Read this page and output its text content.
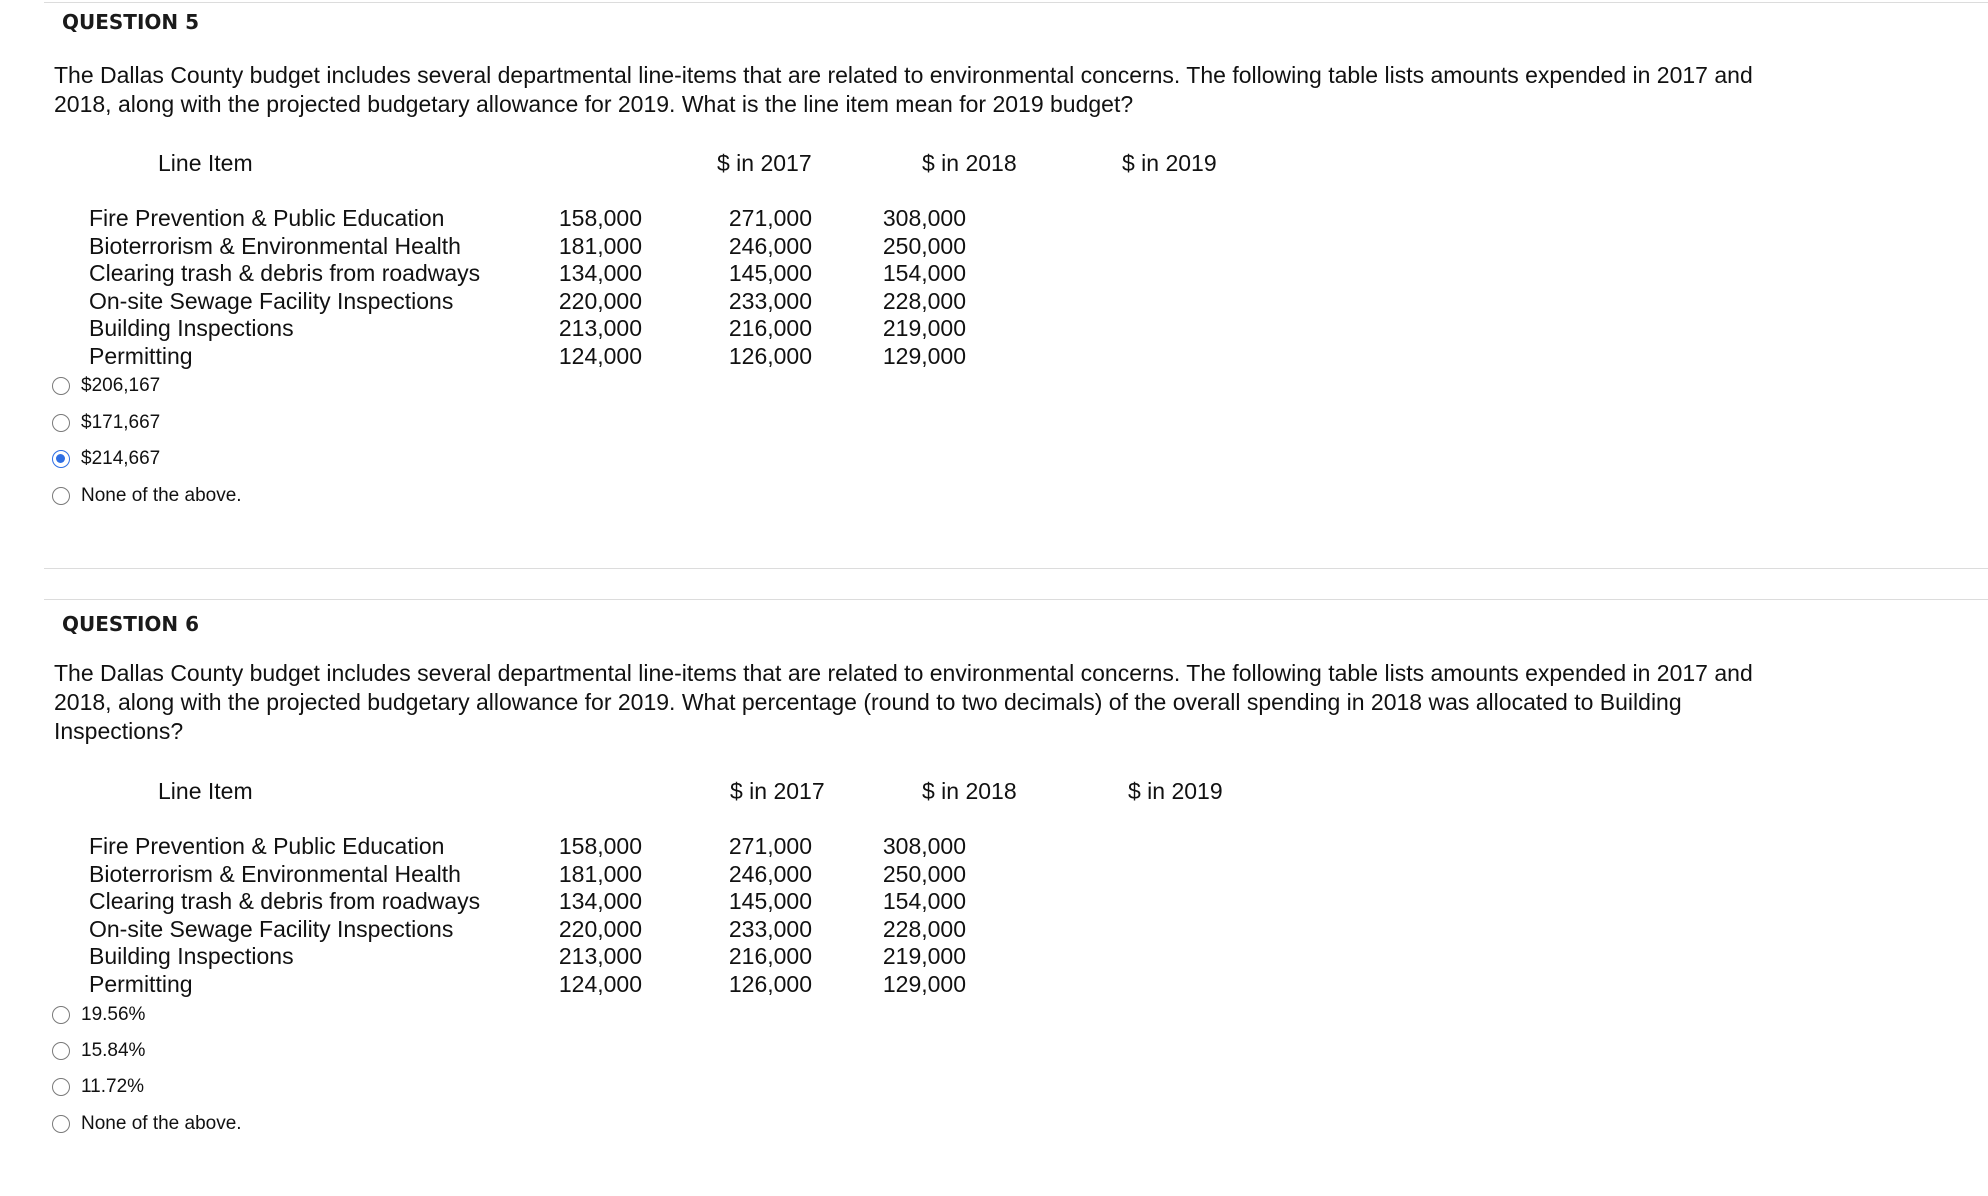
QUESTION 5

The Dallas County budget includes several departmental line-items that are related to environmental concerns. The following table lists amounts expended in 2017 and 2018, along with the projected budgetary allowance for 2019. What is the line item mean for 2019 budget?

Line Item	$ in 2017	$ in 2018	$ in 2019
Fire Prevention & Public Education	158,000	271,000	308,000
Bioterrorism & Environmental Health	181,000	246,000	250,000
Clearing trash & debris from roadways	134,000	145,000	154,000
On-site Sewage Facility Inspections	220,000	233,000	228,000
Building Inspections	213,000	216,000	219,000
Permitting	124,000	126,000	129,000
$206,167
$171,667
$214,667
None of the above.
QUESTION 6

The Dallas County budget includes several departmental line-items that are related to environmental concerns. The following table lists amounts expended in 2017 and 2018, along with the projected budgetary allowance for 2019. What percentage (round to two decimals) of the overall spending in 2018 was allocated to Building Inspections?

Line Item	$ in 2017	$ in 2018	$ in 2019
Fire Prevention & Public Education	158,000	271,000	308,000
Bioterrorism & Environmental Health	181,000	246,000	250,000
Clearing trash & debris from roadways	134,000	145,000	154,000
On-site Sewage Facility Inspections	220,000	233,000	228,000
Building Inspections	213,000	216,000	219,000
Permitting	124,000	126,000	129,000
19.56%
15.84%
11.72%
None of the above.
